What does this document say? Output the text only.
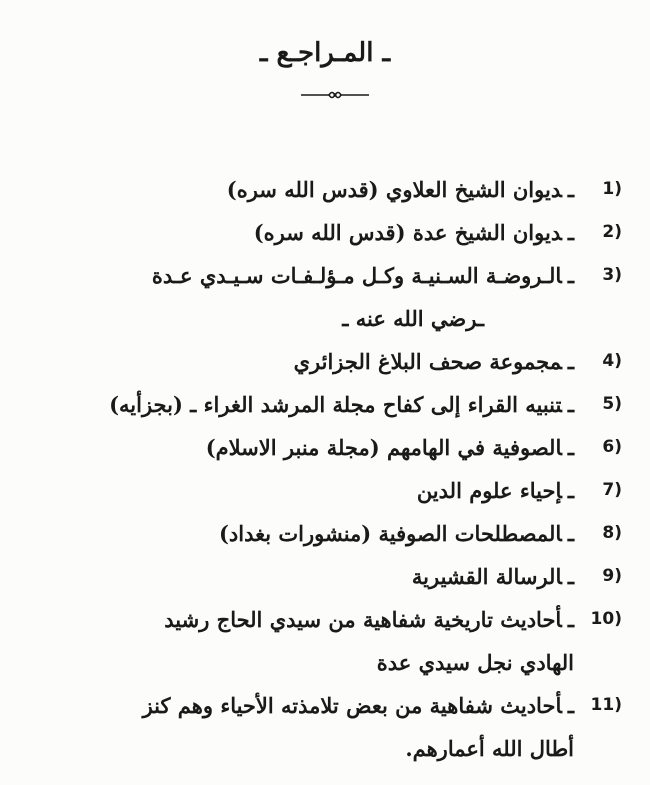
ـ المـراجـع ـ
1)
ـديوان الشيخ العلاوي (قدس الله سره)
2)
ـديوان الشيخ عدة (قدس الله سره)
3)
ـالـروضـة السـنيـة وكـل مـؤلـفـات سـيـدي عـدة
ـرضي الله عنه ـ
4)
ـمجموعة صحف البلاغ الجزائري
5)
ـتنبيه القراء إلى كفاح مجلة المرشد الغراء ـ (بجزأيه)
6)
ـالصوفية في الهامهم (مجلة منبر الاسلام)
7)
ـإحياء علوم الدين
8)
ـالمصطلحات الصوفية (منشورات بغداد)
9)
ـالرسالة القشيرية
10)
ـأحاديث تاريخية شفاهية من سيدي الحاج رشيد
الهادي نجل سيدي عدة
11)
ـأحاديث شفاهية من بعض تلامذته الأحياء وهم كنز
أطال الله أعمارهم.
